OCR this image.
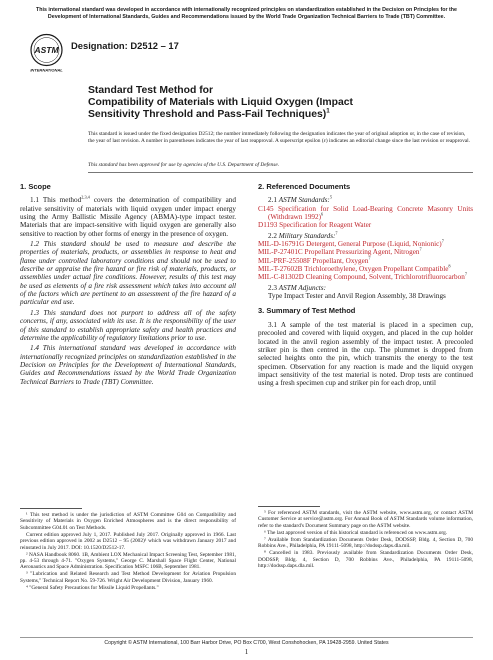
This international standard was developed in accordance with internationally recognized principles on standardization established in the Decision on Principles for the Development of International Standards, Guides and Recommendations issued by the World Trade Organization Technical Barriers to Trade (TBT) Committee.
ASTM
INTERNATIONAL
Designation: D2512 – 17
Standard Test Method for
Compatibility of Materials with Liquid Oxygen (Impact
Sensitivity Threshold and Pass-Fail Techniques)$^1$
This standard is issued under the fixed designation D2512; the number immediately following the designation indicates the year of original adoption or, in the case of revision, the year of last revision. A number in parentheses indicates the year of last reapproval. A superscript epsilon (ε) indicates an editorial change since the last revision or reapproval.
This standard has been approved for use by agencies of the U.S. Department of Defense.
1. Scope

1.1 This method$^{2,3,4}$ covers the determination of compatibility and relative sensitivity of materials with liquid oxygen under impact energy using the Army Ballistic Missile Agency (ABMA)-type impact tester. Materials that are impact-sensitive with liquid oxygen are generally also sensitive to reaction by other forms of energy in the presence of oxygen.

1.2 This standard should be used to measure and describe the properties of materials, products, or assemblies in response to heat and flame under controlled laboratory conditions and should not be used to describe or appraise the fire hazard or fire risk of materials, products, or assemblies under actual fire conditions. However, results of this test may be used as elements of a fire risk assessment which takes into account all of the factors which are pertinent to an assessment of the fire hazard of a particular end use.

1.3 This standard does not purport to address all of the safety concerns, if any, associated with its use. It is the responsibility of the user of this standard to establish appropriate safety and health practices and determine the applicability of regulatory limitations prior to use.

1.4 This international standard was developed in accordance with internationally recognized principles on standardization established in the Decision on Principles for the Development of International Standards, Guides and Recommendations issued by the World Trade Organization Technical Barriers to Trade (TBT) Committee.

2. Referenced Documents

2.1 ASTM Standards:$^5$

C145 Specification for Solid Load-Bearing Concrete Masonry Units (Withdrawn 1992)$^6$

D1193 Specification for Reagent Water

2.2 Military Standards:$^7$

MIL-D-16791G Detergent, General Purpose (Liquid, Nonionic)$^7$

MIL-P-27401C Propellant Pressurizing Agent, Nitrogen$^7$

MIL-PRF-25508F Propellant, Oxygen$^7$

MIL-T-27602B Trichloroethylene, Oxygen Propellant Compatible$^8$

MIL-C-81302D Cleaning Compound, Solvent, Trichlorotrifluorocarbon$^7$

2.3 ASTM Adjuncts:

Type Impact Tester and Anvil Region Assembly, 38 Drawings

3. Summary of Test Method

3.1 A sample of the test material is placed in a specimen cup, precooled and covered with liquid oxygen, and placed in the cup holder located in the anvil region assembly of the impact tester. A precooled striker pin is then centred in the cup. The plummet is dropped from selected heights onto the pin, which transmits the energy to the test specimen. Observation for any reaction is made and the liquid oxygen impact sensitivity of the test material is noted. Drop tests are continued using a fresh specimen cup and striker pin for each drop, until

¹ This test method is under the jurisdiction of ASTM Committee G04 on Compatibility and Sensitivity of Materials in Oxygen Enriched Atmospheres and is the direct responsibility of Subcommittee G04.01 on Test Methods.

Current edition approved July 1, 2017. Published July 2017. Originally approved in 1966. Last previous edition approved in 2002 as D2512 – 95 (2002)¹ which was withdrawn January 2017 and reinstated in July 2017. DOI: 10.1520/D2512-17.

² NASA Handbook 8060. 1B, Ambient LOX Mechanical Impact Screening Test, September 1981, pp. 4-53 through 4-71. "Oxygen Systems," George C. Marshall Space Flight Center, National Aeronautics and Space Administration. Specification MSFC 106B, September 1981.

³ "Lubrication and Related Research and Test Method Development for Aviation Propulsion Systems," Technical Report No. 59-726. Wright Air Development Division, January 1960.

⁴ "General Safety Precautions for Missile Liquid Propellants."

⁵ For referenced ASTM standards, visit the ASTM website, www.astm.org, or contact ASTM Customer Service at service@astm.org. For Annual Book of ASTM Standards volume information, refer to the standard's Document Summary page on the ASTM website.

⁶ The last approved version of this historical standard is referenced on www.astm.org.

⁷ Available from Standardization Documents Order Desk, DODSSP, Bldg. 4, Section D, 700 Robbins Ave., Philadelphia, PA 19111-5098, http://dodssp.daps.dla.mil.

⁸ Cancelled in 1983. Previously available from Standardization Documents Order Desk, DODSSP, Bldg. 4, Section D, 700 Robbins Ave., Philadelphia, PA 19111-5098, http://dodssp.daps.dla.mil.

Copyright © ASTM International, 100 Barr Harbor Drive, PO Box C700, West Conshohocken, PA 19428-2959. United States
1
